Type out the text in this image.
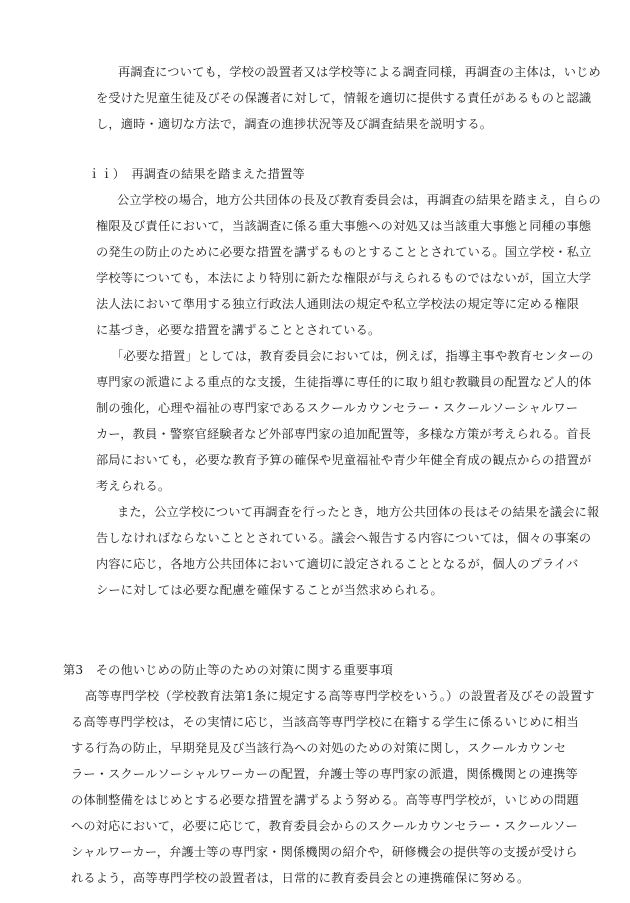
再調査についても，学校の設置者又は学校等による調査同様，再調査の主体は，いじめ
を受けた児童生徒及びその保護者に対して，情報を適切に提供する責任があるものと認識
し，適時・適切な方法で，調査の進捗状況等及び調査結果を説明する。
ｉｉ）　再調査の結果を踏まえた措置等
公立学校の場合，地方公共団体の長及び教育委員会は，再調査の結果を踏まえ，自らの
権限及び責任において，当該調査に係る重大事態への対処又は当該重大事態と同種の事態
の発生の防止のために必要な措置を講ずるものとすることとされている。国立学校・私立
学校等についても，本法により特別に新たな権限が与えられるものではないが，国立大学
法人法において準用する独立行政法人通則法の規定や私立学校法の規定等に定める権限
に基づき，必要な措置を講ずることとされている。
「必要な措置」としては，教育委員会においては，例えば，指導主事や教育センターの
専門家の派遣による重点的な支援，生徒指導に専任的に取り組む教職員の配置など人的体
制の強化，心理や福祉の専門家であるスクールカウンセラー・スクールソーシャルワー
カー，教員・警察官経験者など外部専門家の追加配置等，多様な方策が考えられる。首長
部局においても，必要な教育予算の確保や児童福祉や青少年健全育成の観点からの措置が
考えられる。
また，公立学校について再調査を行ったとき，地方公共団体の長はその結果を議会に報
告しなければならないこととされている。議会へ報告する内容については，個々の事案の
内容に応じ，各地方公共団体において適切に設定されることとなるが，個人のプライバ
シーに対しては必要な配慮を確保することが当然求められる。
第3　その他いじめの防止等のための対策に関する重要事項
高等専門学校（学校教育法第1条に規定する高等専門学校をいう。）の設置者及びその設置す
る高等専門学校は，その実情に応じ，当該高等専門学校に在籍する学生に係るいじめに相当
する行為の防止，早期発見及び当該行為への対処のための対策に関し，スクールカウンセ
ラー・スクールソーシャルワーカーの配置，弁護士等の専門家の派遣，関係機関との連携等
の体制整備をはじめとする必要な措置を講ずるよう努める。高等専門学校が，いじめの問題
への対応において，必要に応じて，教育委員会からのスクールカウンセラー・スクールソー
シャルワーカー，弁護士等の専門家・関係機関の紹介や，研修機会の提供等の支援が受けら
れるよう，高等専門学校の設置者は，日常的に教育委員会との連携確保に努める。
